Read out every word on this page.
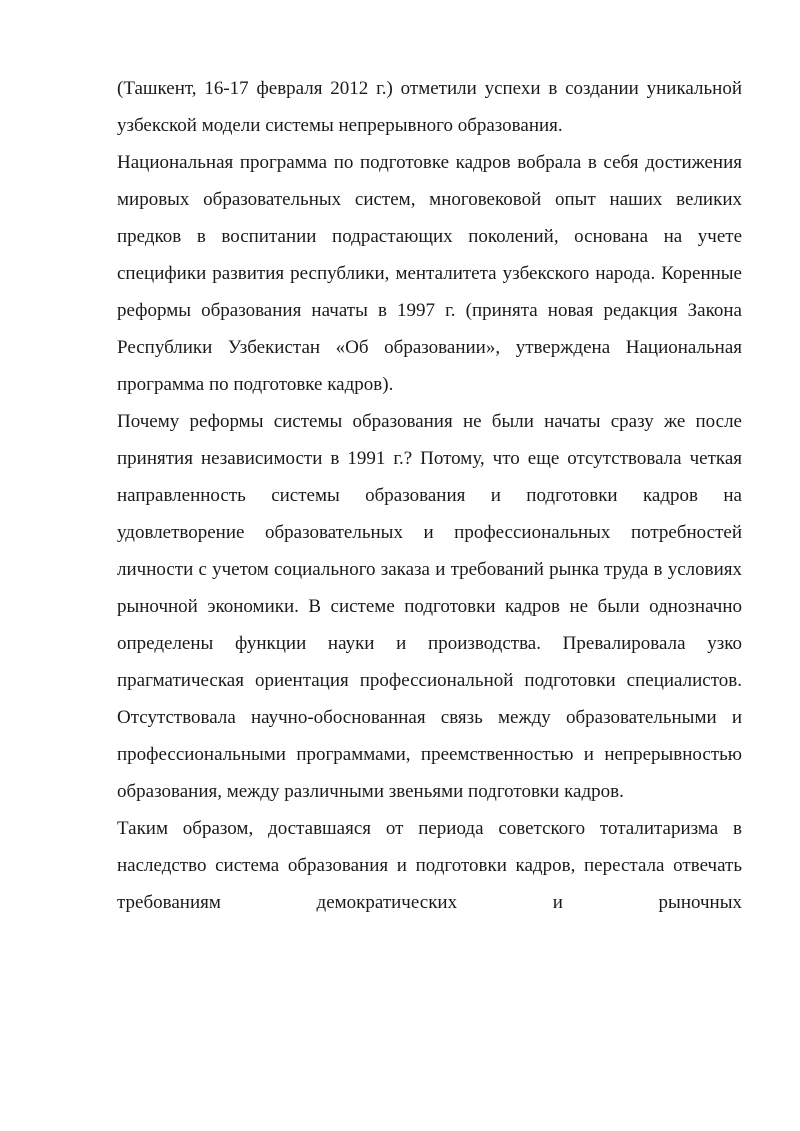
(Ташкент, 16-17 февраля 2012 г.) отметили успехи в создании уникальной узбекской модели системы непрерывного образования.

Национальная программа по подготовке кадров вобрала в себя достижения мировых образовательных систем, многовековой опыт наших великих предков в воспитании подрастающих поколений, основана на учете специфики развития республики, менталитета узбекского народа. Коренные реформы образования начаты в 1997 г. (принята новая редакция Закона Республики Узбекистан «Об образовании», утверждена Национальная программа по подготовке кадров).

Почему реформы системы образования не были начаты сразу же после принятия независимости в 1991 г.? Потому, что еще отсутствовала четкая направленность системы образования и подготовки кадров на удовлетворение образовательных и профессиональных потребностей личности с учетом социального заказа и требований рынка труда в условиях рыночной экономики. В системе подготовки кадров не были однозначно определены функции науки и производства. Превалировала узко прагматическая ориентация профессиональной подготовки специалистов. Отсутствовала научно-обоснованная связь между образовательными и профессиональными программами, преемственностью и непрерывностью образования, между различными звеньями подготовки кадров.

Таким образом, доставшаяся от периода советского тоталитаризма в наследство система образования и подготовки кадров, перестала отвечать требованиям демократических и рыночных
